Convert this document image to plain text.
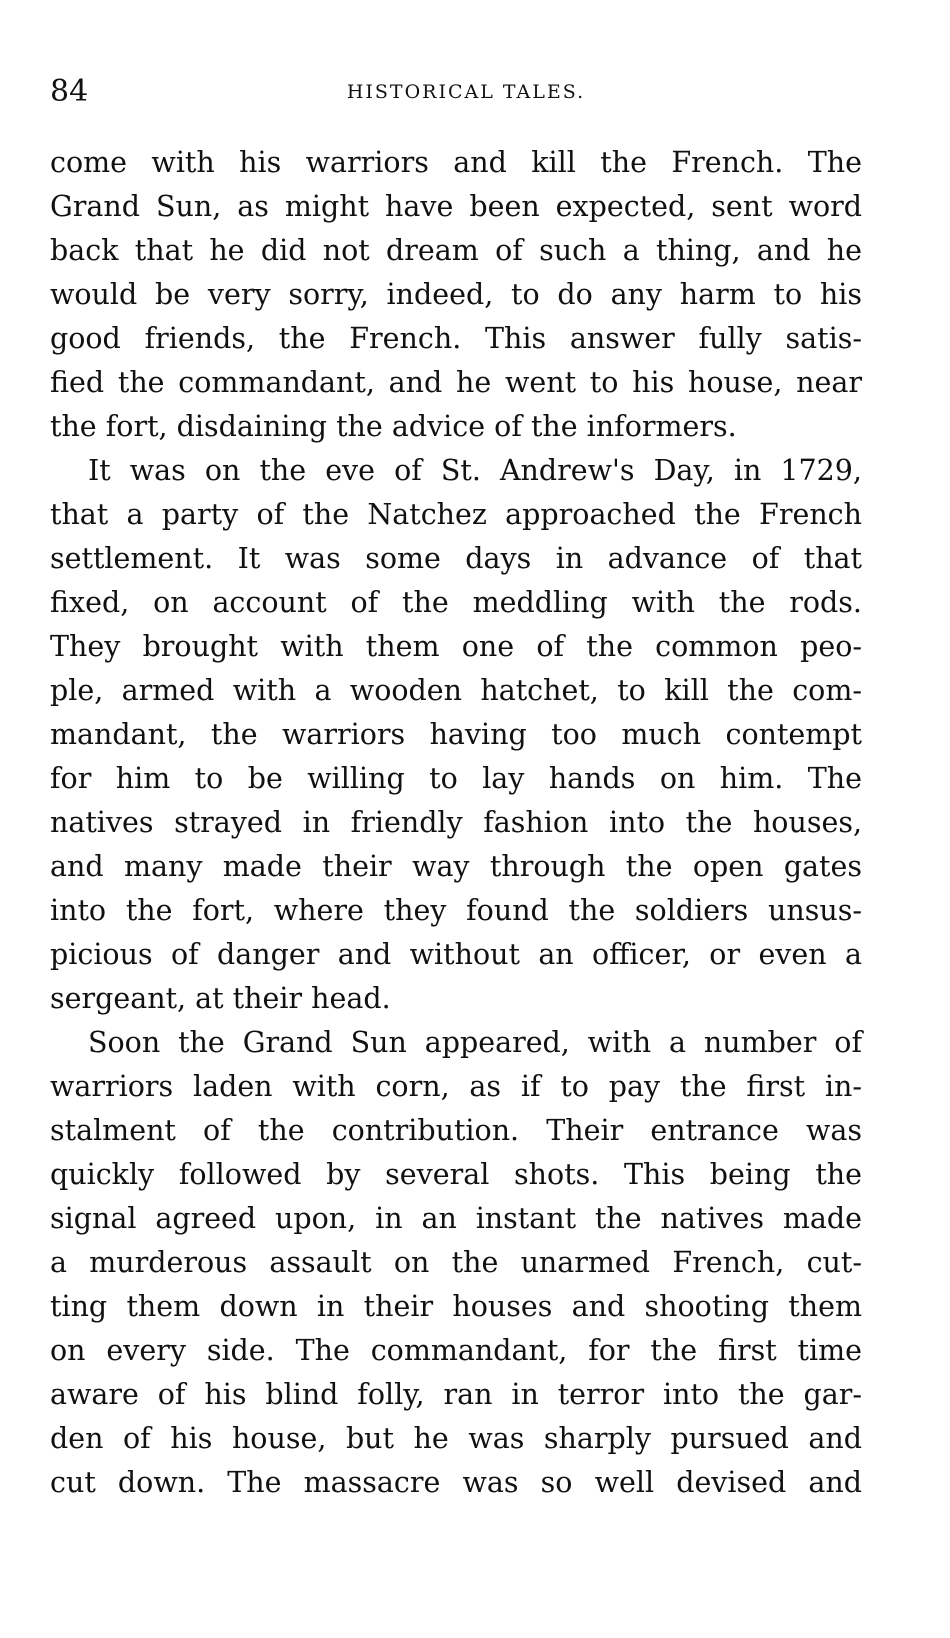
84	HISTORICAL TALES.
come with his warriors and kill the French. The
Grand Sun, as might have been expected, sent word
back that he did not dream of such a thing, and he
would be very sorry, indeed, to do any harm to his
good friends, the French. This answer fully satis-
fied the commandant, and he went to his house, near
the fort, disdaining the advice of the informers.
It was on the eve of St. Andrew's Day, in 1729,
that a party of the Natchez approached the French
settlement. It was some days in advance of that
fixed, on account of the meddling with the rods.
They brought with them one of the common peo-
ple, armed with a wooden hatchet, to kill the com-
mandant, the warriors having too much contempt
for him to be willing to lay hands on him. The
natives strayed in friendly fashion into the houses,
and many made their way through the open gates
into the fort, where they found the soldiers unsus-
picious of danger and without an officer, or even a
sergeant, at their head.
Soon the Grand Sun appeared, with a number of
warriors laden with corn, as if to pay the first in-
stalment of the contribution. Their entrance was
quickly followed by several shots. This being the
signal agreed upon, in an instant the natives made
a murderous assault on the unarmed French, cut-
ting them down in their houses and shooting them
on every side. The commandant, for the first time
aware of his blind folly, ran in terror into the gar-
den of his house, but he was sharply pursued and
cut down. The massacre was so well devised and
